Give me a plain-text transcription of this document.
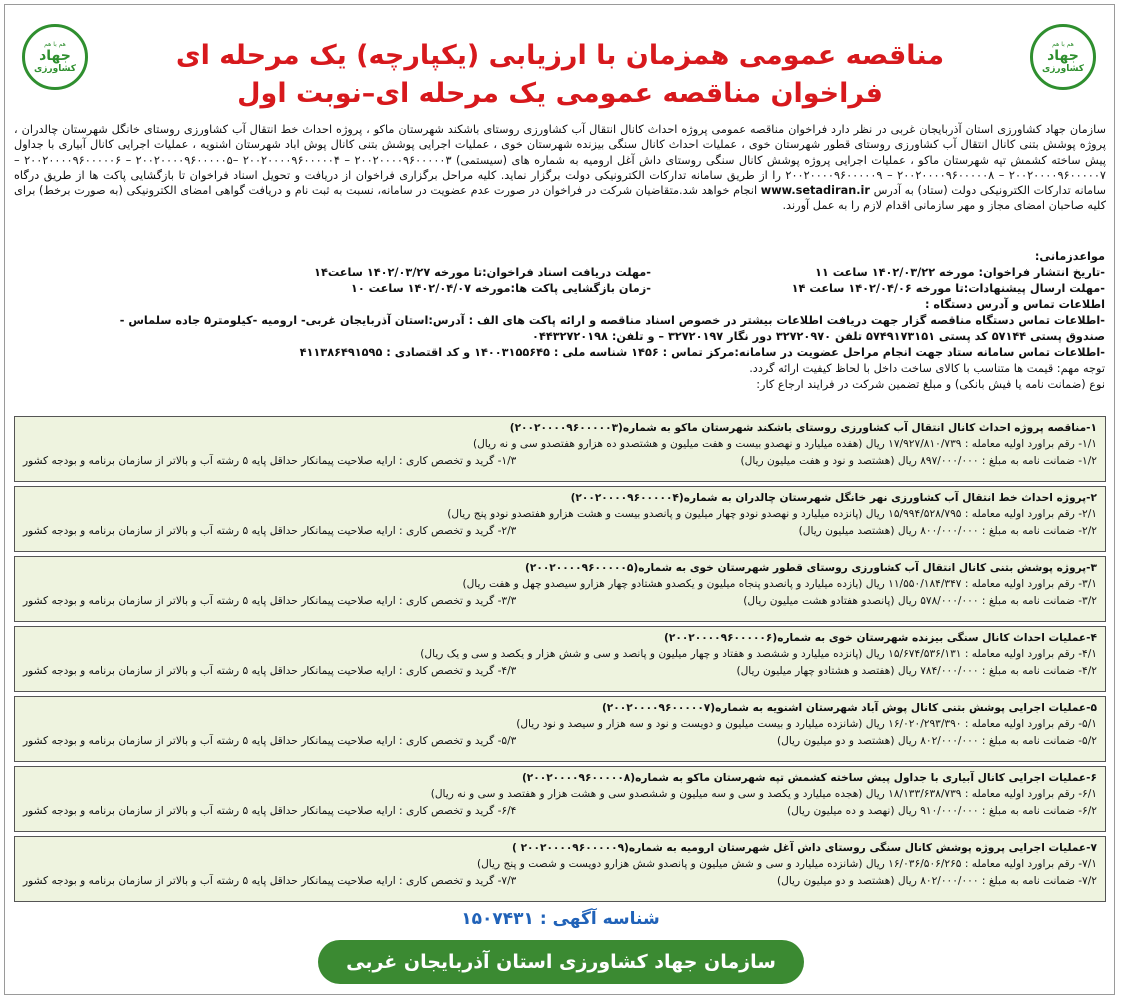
هم با هم
جهاد
کشاورزی
هم با هم
جهاد
کشاورزی
مناقصه عمومی همزمان با ارزیابی (یکپارچه) یک مرحله ای
فراخوان مناقصه عمومی یک مرحله ای–نوبت اول
سازمان جهاد کشاورزی استان آذربایجان غربی در نظر دارد فراخوان مناقصه عمومی پروژه احداث کانال انتقال آب کشاورزی روستای باشکند شهرستان ماکو ، پروژه احداث خط انتقال آب کشاورزی روستای خانگل شهرستان چالدران ، پروژه پوشش بتنی کانال انتقال آب کشاورزی روستای قطور شهرستان خوی ، عملیات احداث کانال سنگی بیزنده شهرستان خوی ، عملیات اجرایی پوشش بتنی کانال پوش اباد شهرستان اشنویه ، عملیات اجرایی کانال آبیاری با جداول پیش ساخته کشمش تپه شهرستان ماکو ، عملیات اجرایی پروژه پوشش کانال سنگی روستای داش آغل ارومیه به شماره های (سیستمی) ۲۰۰۲۰۰۰۰۹۶۰۰۰۰۰۳ – ۲۰۰۲۰۰۰۰۹۶۰۰۰۰۰۴ –۲۰۰۲۰۰۰۰۹۶۰۰۰۰۰۵ – ۲۰۰۲۰۰۰۰۹۶۰۰۰۰۰۶ – ۲۰۰۲۰۰۰۰۹۶۰۰۰۰۰۷ – ۲۰۰۲۰۰۰۰۹۶۰۰۰۰۰۸ – ۲۰۰۲۰۰۰۰۹۶۰۰۰۰۰۹ را از طریق سامانه تدارکات الکترونیکی دولت برگزار نماید. کلیه مراحل برگزاری فراخوان از دریافت و تحویل اسناد فراخوان تا بازگشایی پاکت ها از طریق درگاه سامانه تدارکات الکترونیکی دولت (ستاد) به آدرس www.setadiran.ir انجام خواهد شد.متقاضیان شرکت در فراخوان در صورت عدم عضویت در سامانه، نسبت به ثبت نام و دریافت گواهی امضای الکترونیکی (به صورت برخط) برای کلیه صاحبان امضای مجاز و مهر سازمانی اقدام لازم را به عمل آورند.
مواعدزمانی:
-تاریخ انتشار فراخوان: مورخه ۱۴۰۲/۰۳/۲۲ ساعت ۱۱
-مهلت دریافت اسناد فراخوان:تا مورخه ۱۴۰۲/۰۳/۲۷ ساعت۱۴
-مهلت ارسال پیشنهادات:تا مورخه ۱۴۰۲/۰۴/۰۶ ساعت ۱۴
-زمان بازگشایی پاکت ها:مورخه ۱۴۰۲/۰۴/۰۷ ساعت ۱۰
اطلاعات تماس و آدرس دستگاه :
-اطلاعات تماس دستگاه مناقصه گزار جهت دریافت اطلاعات بیشتر در خصوص اسناد مناقصه و ارائه پاکت های الف : آدرس:استان آذربایجان غربی- ارومیه -کیلومتر۵ جاده سلماس -
صندوق پستی ۵۷۱۴۴ کد پستی ۵۷۴۹۱۷۳۱۵۱ تلفن ۳۲۷۲۰۹۷۰ دور نگار ۳۲۷۲۰۱۹۷ – و تلفن: ۰۴۴۳۲۷۲۰۱۹۸
-اطلاعات تماس سامانه ستاد جهت انجام مراحل عضویت در سامانه:مرکز تماس : ۱۴۵۶ شناسه ملی : ۱۴۰۰۳۱۵۵۶۴۵ و کد اقتصادی : ۴۱۱۳۸۶۴۹۱۵۹۵
توجه مهم: قیمت ها متناسب با کالای ساخت داخل با لحاظ کیفیت ارائه گردد.
نوع (ضمانت نامه یا فیش بانکی) و مبلغ تضمین شرکت در فرایند ارجاع کار:
۱-مناقصه پروژه احداث کانال انتقال آب کشاورزی روستای باشکند شهرستان ماکو به شماره(۲۰۰۲۰۰۰۰۹۶۰۰۰۰۰۳)
۱/۱- رقم براورد اولیه معامله : ۱۷/۹۲۷/۸۱۰/۷۳۹ ریال (هفده میلیارد و نهصدو بیست و هفت میلیون و هشتصدو ده هزارو هفتصدو سی و نه ریال)
۱/۲- ضمانت نامه به مبلغ : ۸۹۷/۰۰۰/۰۰۰ ریال (هشتصد و نود و هفت میلیون ریال)
۱/۳- گرید و تخصص کاری : ارایه صلاحیت پیمانکار حداقل پایه ۵ رشته آب و بالاتر از سازمان برنامه و بودجه کشور
۲-پروژه احداث خط انتقال آب کشاورزی نهر خانگل شهرستان چالدران به شماره(۲۰۰۲۰۰۰۰۹۶۰۰۰۰۰۴)
۲/۱- رقم براورد اولیه معامله : ۱۵/۹۹۴/۵۲۸/۷۹۵ ریال (پانزده میلیارد و نهصدو نودو چهار میلیون و پانصدو بیست و هشت هزارو هفتصدو نودو پنج ریال)
۲/۲- ضمانت نامه به مبلغ : ۸۰۰/۰۰۰/۰۰۰ ریال (هشتصد میلیون ریال)
۲/۳- گرید و تخصص کاری : ارایه صلاحیت پیمانکار حداقل پایه ۵ رشته آب و بالاتر از سازمان برنامه و بودجه کشور
۳-پروژه پوشش بتنی کانال انتقال آب کشاورزی روستای قطور شهرستان خوی به شماره(۲۰۰۲۰۰۰۰۹۶۰۰۰۰۰۵)
۳/۱- رقم براورد اولیه معامله : ۱۱/۵۵۰/۱۸۴/۳۴۷ ریال (یازده میلیارد و پانصدو پنجاه میلیون و یکصدو هشتادو چهار هزارو سیصدو چهل و هفت ریال)
۳/۲- ضمانت نامه به مبلغ : ۵۷۸/۰۰۰/۰۰۰ ریال (پانصدو هفتادو هشت میلیون ریال)
۳/۳- گرید و تخصص کاری : ارایه صلاحیت پیمانکار حداقل پایه ۵ رشته آب و بالاتر از سازمان برنامه و بودجه کشور
۴-عملیات احداث کانال سنگی بیزنده شهرستان خوی به شماره(۲۰۰۲۰۰۰۰۹۶۰۰۰۰۰۶)
۴/۱- رقم براورد اولیه معامله : ۱۵/۶۷۴/۵۳۶/۱۳۱ ریال (پانزده میلیارد و ششصد و هفتاد و چهار میلیون و پانصد و سی و شش هزار و یکصد و سی و یک ریال)
۴/۲- ضمانت نامه به مبلغ : ۷۸۴/۰۰۰/۰۰۰ ریال (هفتصد و هشتادو چهار میلیون ریال)
۴/۳- گرید و تخصص کاری : ارایه صلاحیت پیمانکار حداقل پایه ۵ رشته آب و بالاتر از سازمان برنامه و بودجه کشور
۵-عملیات اجرایی پوشش بتنی کانال پوش آباد شهرستان اشنویه به شماره(۲۰۰۲۰۰۰۰۹۶۰۰۰۰۰۷)
۵/۱- رقم براورد اولیه معامله : ۱۶/۰۲۰/۲۹۳/۳۹۰ ریال (شانزده میلیارد و بیست میلیون و دویست و نود و سه هزار و سیصد و نود ریال)
۵/۲- ضمانت نامه به مبلغ : ۸۰۲/۰۰۰/۰۰۰ ریال (هشتصد و دو میلیون ریال)
۵/۳- گرید و تخصص کاری : ارایه صلاحیت پیمانکار حداقل پایه ۵ رشته آب و بالاتر از سازمان برنامه و بودجه کشور
۶-عملیات اجرایی کانال آبیاری با جداول پیش ساخته کشمش تپه شهرستان ماکو به شماره(۲۰۰۲۰۰۰۰۹۶۰۰۰۰۰۸)
۶/۱- رقم براورد اولیه معامله : ۱۸/۱۳۳/۶۳۸/۷۳۹ ریال (هجده میلیارد و یکصد و سی و سه میلیون و ششصدو سی و هشت هزار و هفتصد و سی و نه ریال)
۶/۲- ضمانت نامه به مبلغ : ۹۱۰/۰۰۰/۰۰۰ ریال (نهصد و ده میلیون ریال)
۶/۴- گرید و تخصص کاری : ارایه صلاحیت پیمانکار حداقل پایه ۵ رشته آب و بالاتر از سازمان برنامه و بودجه کشور
۷-عملیات اجرایی پروژه پوشش کانال سنگی روستای داش آغل شهرستان ارومیه به شماره(۲۰۰۲۰۰۰۰۹۶۰۰۰۰۰۹ )
۷/۱- رقم براورد اولیه معامله : ۱۶/۰۳۶/۵۰۶/۲۶۵ ریال (شانزده میلیارد و سی و شش میلیون و پانصدو شش هزارو دویست و شصت و پنج ریال)
۷/۲- ضمانت نامه به مبلغ : ۸۰۲/۰۰۰/۰۰۰ ریال (هشتصد و دو میلیون ریال)
۷/۳- گرید و تخصص کاری : ارایه صلاحیت پیمانکار حداقل پایه ۵ رشته آب و بالاتر از سازمان برنامه و بودجه کشور
شناسه آگهی : ۱۵۰۷۴۳۱
سازمان جهاد کشاورزی استان آذربایجان غربی
